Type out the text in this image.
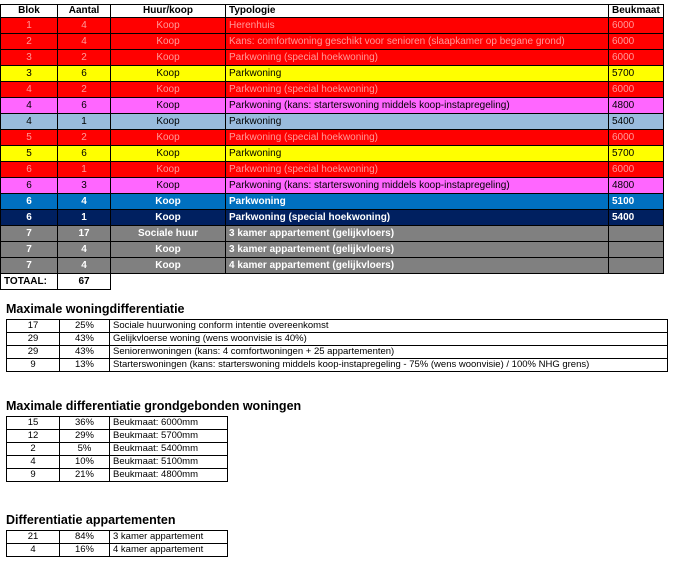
Blok	Aantal	Huur/koop	Typologie	Beukmaat
1	4	Koop	Herenhuis	6000
2	4	Koop	Kans: comfortwoning geschikt voor senioren (slaapkamer op begane grond)	6000
3	2	Koop	Parkwoning (special hoekwoning)	6000
3	6	Koop	Parkwoning	5700
4	2	Koop	Parkwoning (special hoekwoning)	6000
4	6	Koop	Parkwoning (kans: starterswoning middels koop-instapregeling)	4800
4	1	Koop	Parkwoning	5400
5	2	Koop	Parkwoning (special hoekwoning)	6000
5	6	Koop	Parkwoning	5700
6	1	Koop	Parkwoning (special hoekwoning)	6000
6	3	Koop	Parkwoning (kans: starterswoning middels koop-instapregeling)	4800
6	4	Koop	Parkwoning	5100
6	1	Koop	Parkwoning (special hoekwoning)	5400
7	17	Sociale huur	3 kamer appartement (gelijkvloers)	
7	4	Koop	3 kamer appartement (gelijkvloers)	
7	4	Koop	4 kamer appartement (gelijkvloers)	
TOTAAL:	67			
Maximale woningdifferentiatie
17	25%	Sociale huurwoning conform intentie overeenkomst
29	43%	Gelijkvloerse woning (wens woonvisie is 40%)
29	43%	Seniorenwoningen (kans: 4 comfortwoningen + 25 appartementen)
9	13%	Starterswoningen (kans: starterswoning middels koop-instapregeling - 75% (wens woonvisie) / 100% NHG grens)
Maximale differentiatie grondgebonden woningen
15	36%	Beukmaat: 6000mm
12	29%	Beukmaat: 5700mm
2	5%	Beukmaat: 5400mm
4	10%	Beukmaat: 5100mm
9	21%	Beukmaat: 4800mm
Differentiatie appartementen
21	84%	3 kamer appartement
4	16%	4 kamer appartement
